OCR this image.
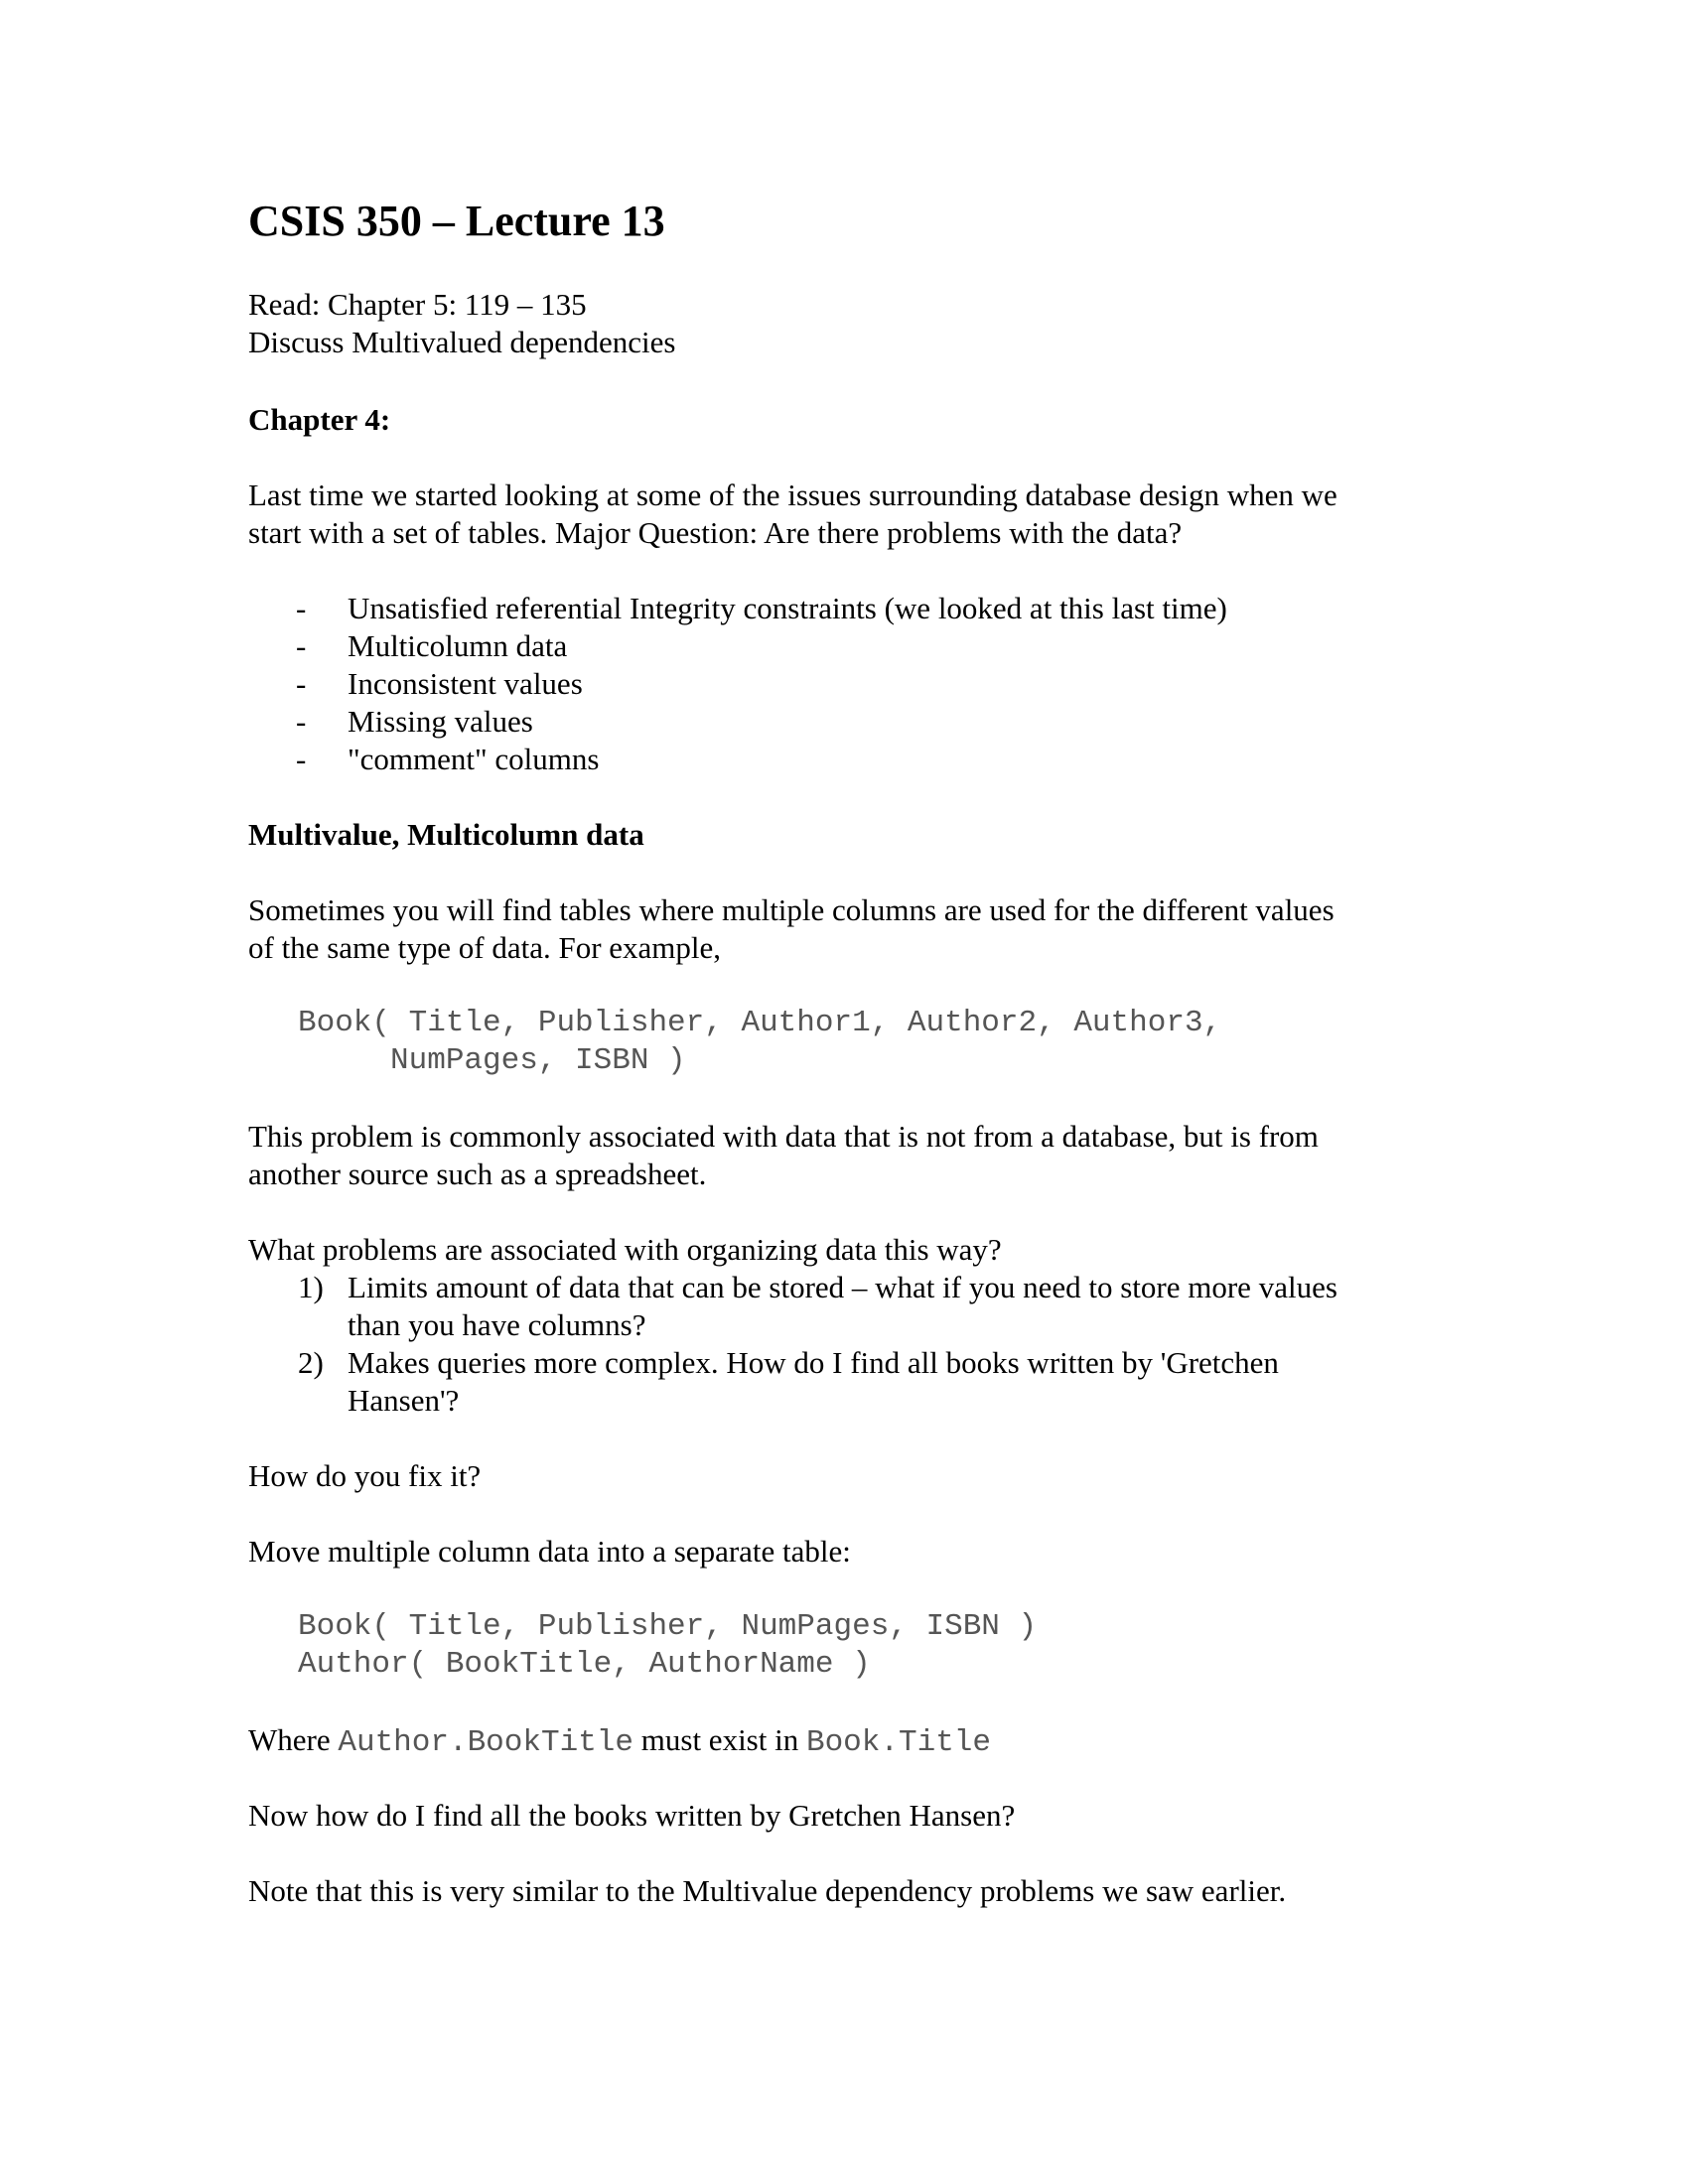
CSIS 350 – Lecture 13
Read: Chapter 5: 119 – 135
Discuss Multivalued dependencies
Chapter 4:
Last time we started looking at some of the issues surrounding database design when we
start with a set of tables. Major Question: Are there problems with the data?
- Unsatisfied referential Integrity constraints (we looked at this last time)
- Multicolumn data
- Inconsistent values
- Missing values
- "comment" columns
Multivalue, Multicolumn data
Sometimes you will find tables where multiple columns are used for the different values
of the same type of data. For example,
Book( Title, Publisher, Author1, Author2, Author3,
NumPages, ISBN )
This problem is commonly associated with data that is not from a database, but is from
another source such as a spreadsheet.
What problems are associated with organizing data this way?
1) Limits amount of data that can be stored – what if you need to store more values
than you have columns?
2) Makes queries more complex. How do I find all books written by 'Gretchen
Hansen'?
How do you fix it?
Move multiple column data into a separate table:
Book( Title, Publisher, NumPages, ISBN )
Author( BookTitle, AuthorName )
Where Author.BookTitle must exist in Book.Title
Now how do I find all the books written by Gretchen Hansen?
Note that this is very similar to the Multivalue dependency problems we saw earlier.
